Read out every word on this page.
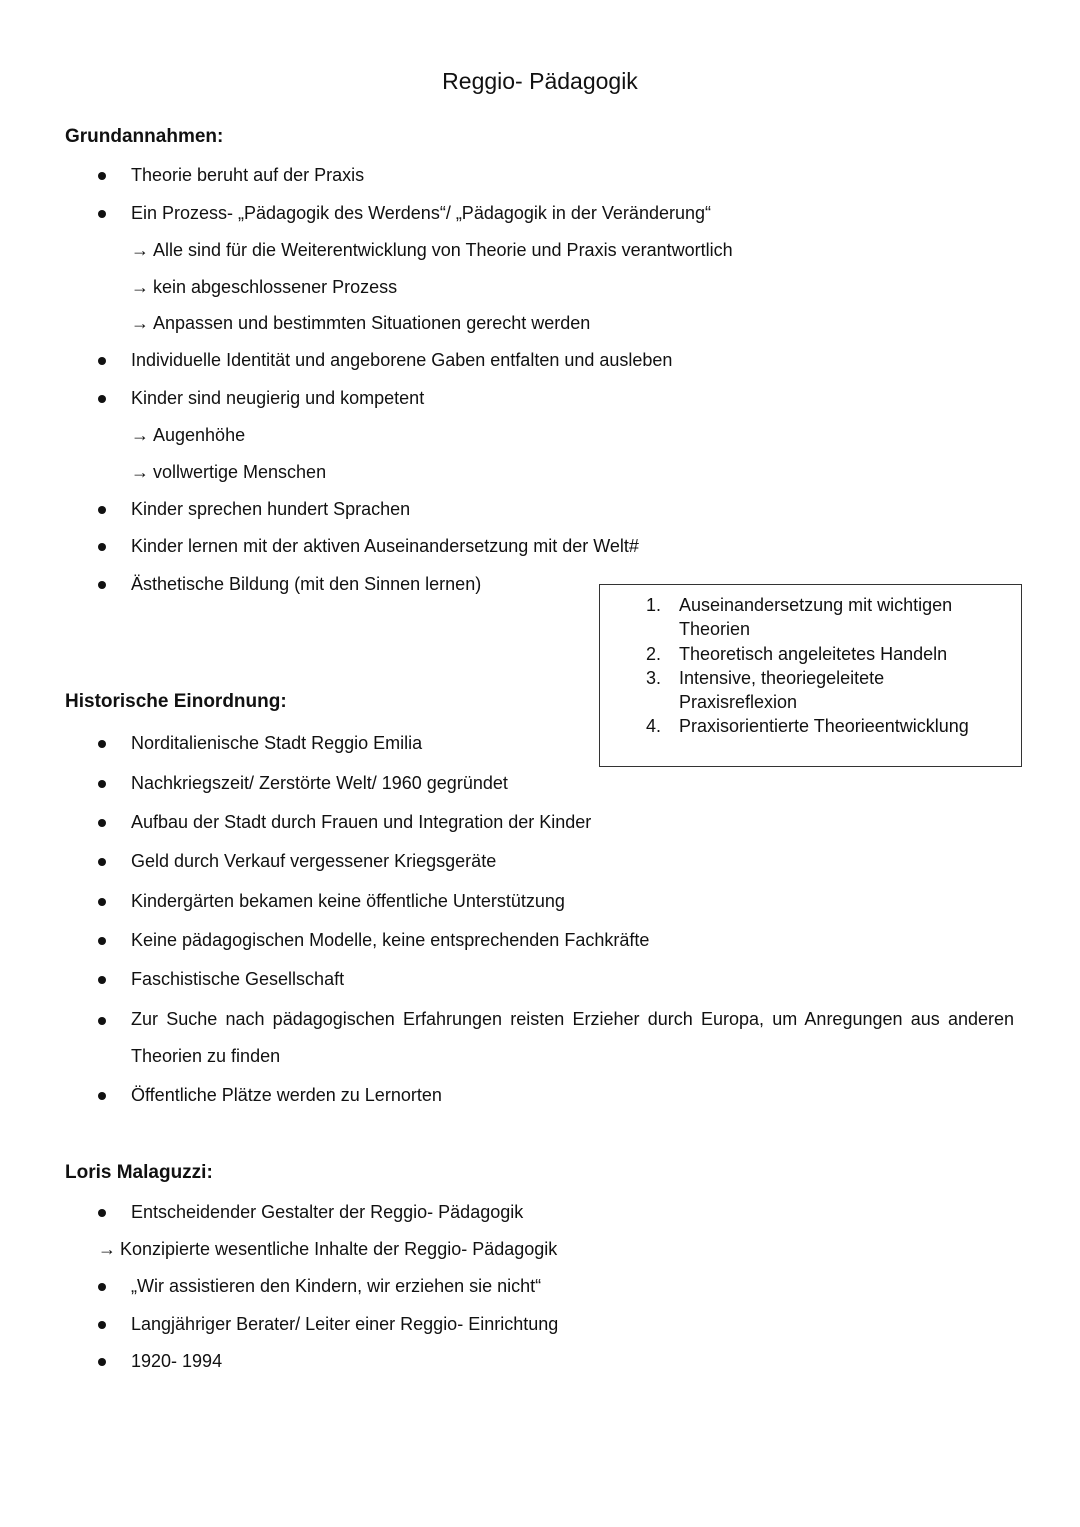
Reggio- Pädagogik
Grundannahmen:
Theorie beruht auf der Praxis
Ein Prozess- „Pädagogik des Werdens“/ „Pädagogik in der Veränderung“
→ Alle sind für die Weiterentwicklung von Theorie und Praxis verantwortlich
→ kein abgeschlossener Prozess
→ Anpassen und bestimmten Situationen gerecht werden
Individuelle Identität und angeborene Gaben entfalten und ausleben
Kinder sind neugierig und kompetent
→ Augenhöhe
→ vollwertige Menschen
Kinder sprechen hundert Sprachen
Kinder lernen mit der aktiven Auseinandersetzung mit der Welt#
Ästhetische Bildung (mit den Sinnen lernen)
1. Auseinandersetzung mit wichtigen
Theorien
2. Theoretisch angeleitetes Handeln
3. Intensive, theoriegeleitete
Praxisreflexion
4. Praxisorientierte Theorieentwicklung
Historische Einordnung:
Norditalienische Stadt Reggio Emilia
Nachkriegszeit/ Zerstörte Welt/ 1960 gegründet
Aufbau der Stadt durch Frauen und Integration der Kinder
Geld durch Verkauf vergessener Kriegsgeräte
Kindergärten bekamen keine öffentliche Unterstützung
Keine pädagogischen Modelle, keine entsprechenden Fachkräfte
Faschistische Gesellschaft
Zur Suche nach pädagogischen Erfahrungen reisten Erzieher durch Europa, um Anregungen aus anderen
Theorien zu finden
Öffentliche Plätze werden zu Lernorten
Loris Malaguzzi:
Entscheidender Gestalter der Reggio- Pädagogik
→ Konzipierte wesentliche Inhalte der Reggio- Pädagogik
„Wir assistieren den Kindern, wir erziehen sie nicht“
Langjähriger Berater/ Leiter einer Reggio- Einrichtung
1920- 1994
